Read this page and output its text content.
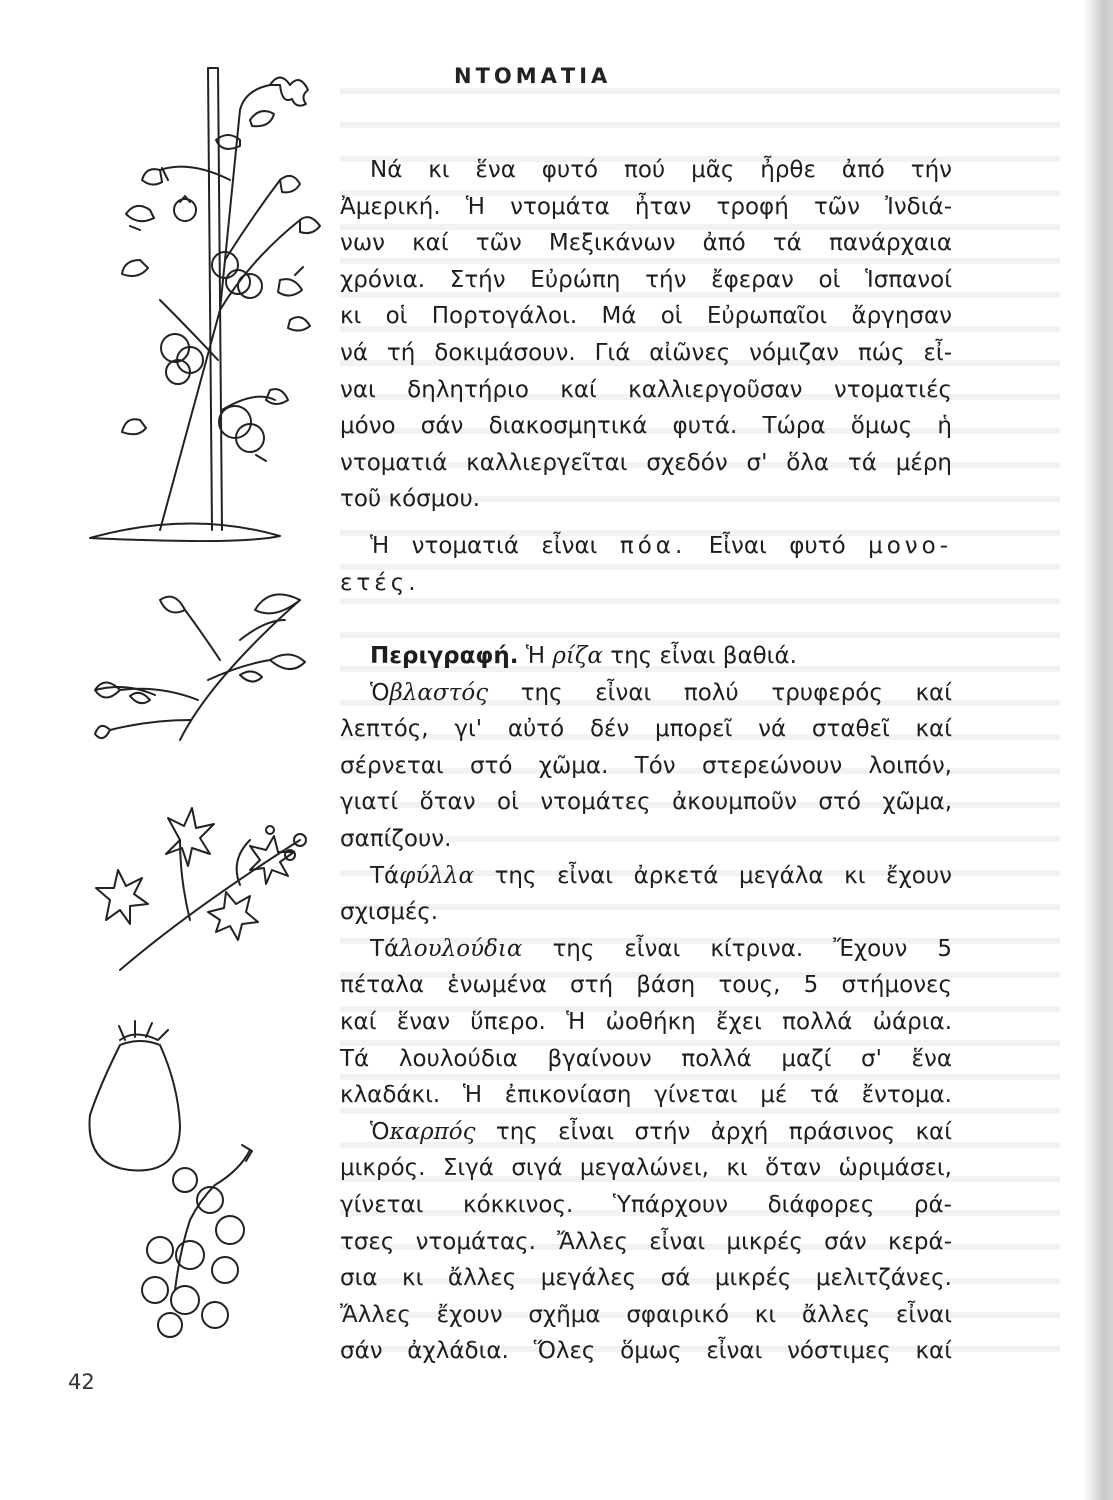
ΝΤΟΜΑΤΙΑ
Νά κι ἕνα φυτό πού μᾶς ἦρθε ἀπό τήν
Ἀμερική. Ἡ ντομάτα ἦταν τροφή τῶν Ἰνδιά-
νων καί τῶν Μεξικάνων ἀπό τά πανάρχαια
χρόνια. Στήν Εὐρώπη τήν ἔφεραν οἱ Ἱσπανοί
κι οἱ Πορτογάλοι. Μά οἱ Εὐρωπαῖοι ἄργησαν
νά τή δοκιμάσουν. Γιά αἰῶνες νόμιζαν πώς εἶ-
ναι δηλητήριο καί καλλιεργοῦσαν ντοματιές
μόνο σάν διακοσμητικά φυτά. Τώρα ὅμως ἡ
ντοματιά καλλιεργεῖται σχεδόν σ' ὅλα τά μέρη
τοῦ κόσμου.
Ἡ ντοματιά εἶναι πόα. Εἶναι φυτό μονο-
ετές.
Περιγραφή. Ἡ ρίζα της εἶναι βαθιά.
Ὁβλαστός της εἶναι πολύ τρυφερός καί
λεπτός, γι' αὐτό δέν μπορεῖ νά σταθεῖ καί
σέρνεται στό χῶμα. Τόν στερεώνουν λοιπόν,
γιατί ὅταν οἱ ντομάτες ἀκουμποῦν στό χῶμα,
σαπίζουν.
Τάφύλλα της εἶναι ἀρκετά μεγάλα κι ἔχουν
σχισμές.
Τάλουλούδια της εἶναι κίτρινα. Ἔχουν 5
πέταλα ἑνωμένα στή βάση τους, 5 στήμονες
καί ἕναν ὕπερο. Ἡ ὠοθήκη ἔχει πολλά ὠάρια.
Τά λουλούδια βγαίνουν πολλά μαζί σ' ἕνα
κλαδάκι. Ἡ ἐπικονίαση γίνεται μέ τά ἔντομα.
Ὁκαρπός της εἶναι στήν ἀρχή πράσινος καί
μικρός. Σιγά σιγά μεγαλώνει, κι ὅταν ὡριμάσει,
γίνεται κόκκινος. Ὑπάρχουν διάφορες ρά-
τσες ντομάτας. Ἄλλες εἶναι μικρές σάν κεpά-
σια κι ἄλλες μεγάλες σά μικρές μελιτζάνες.
Ἄλλες ἔχουν σχῆμα σφαιρικό κι ἄλλες εἶναι
σάν ἀχλάδια. Ὅλες ὅμως εἶναι νόστιμες καί
42
